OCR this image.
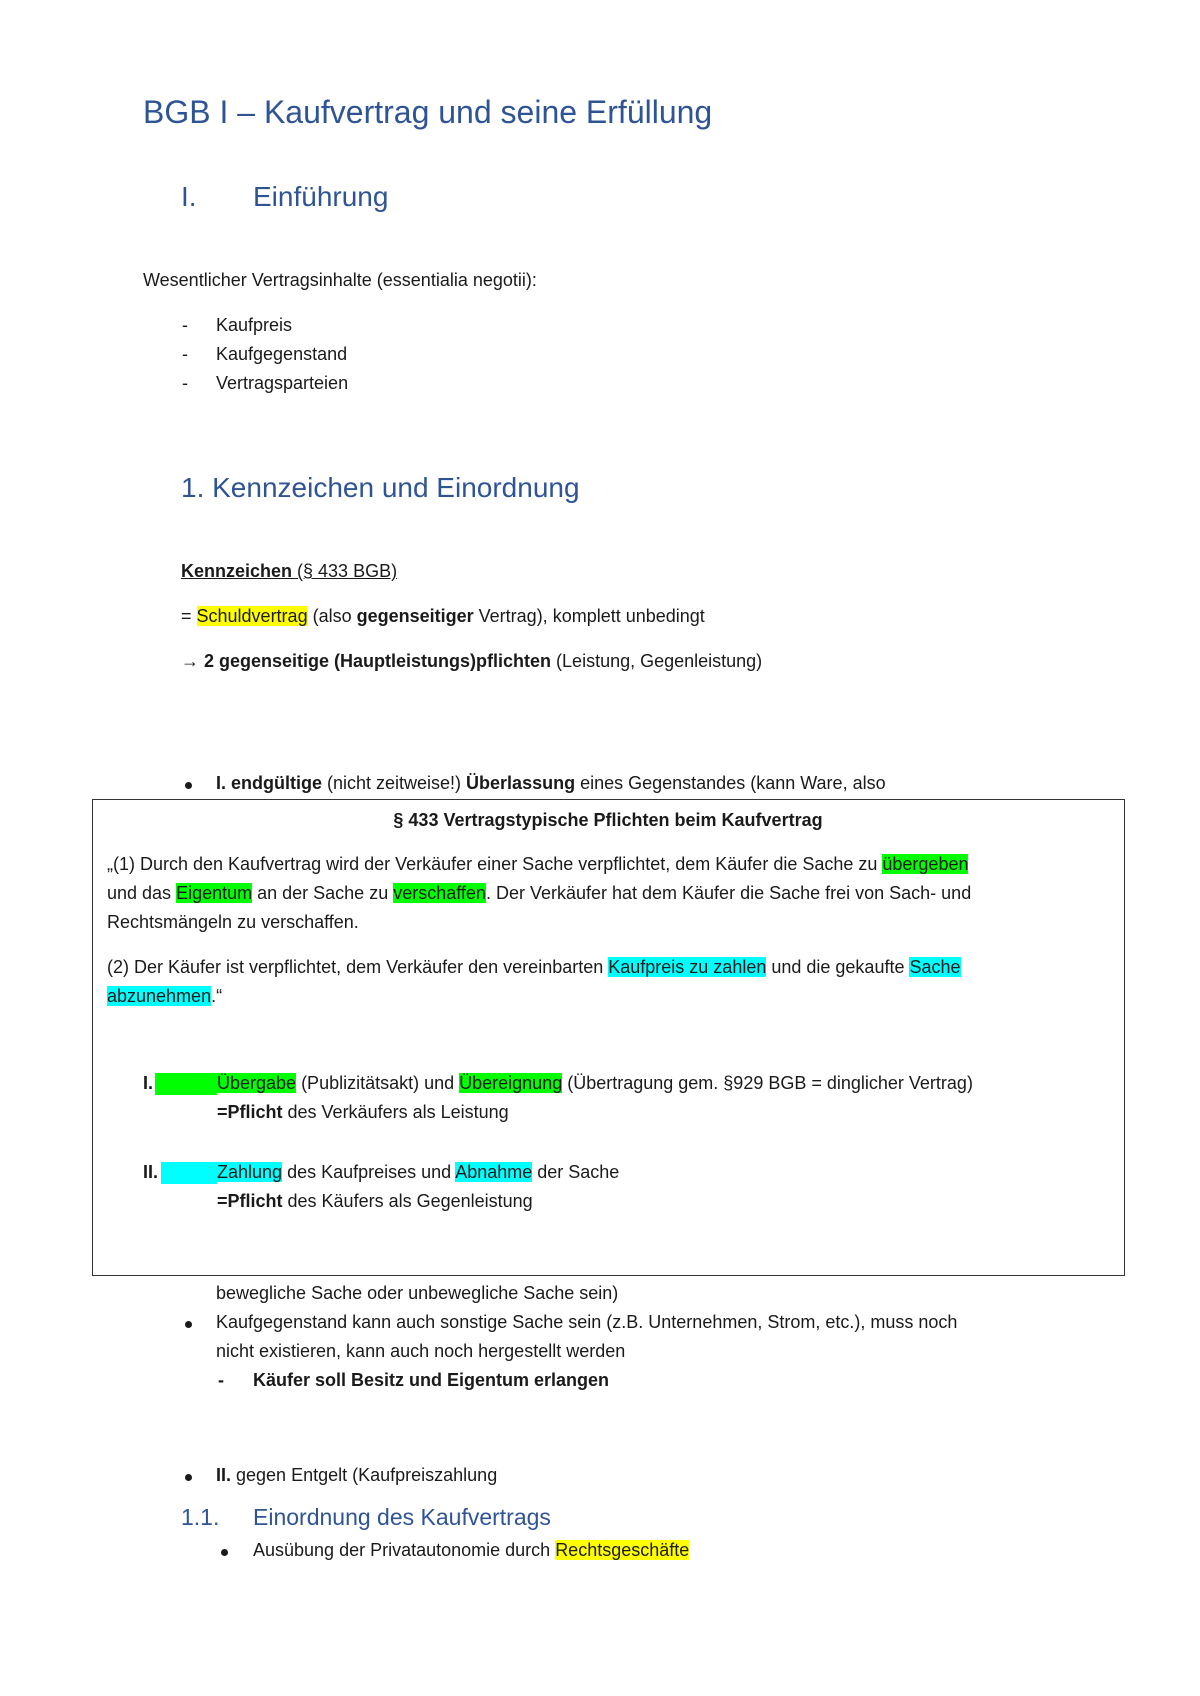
BGB I – Kaufvertrag und seine Erfüllung
I. Einführung
Wesentlicher Vertragsinhalte (essentialia negotii):
- Kaufpreis
- Kaufgegenstand
- Vertragsparteien
1. Kennzeichen und Einordnung
Kennzeichen (§ 433 BGB)
= Schuldvertrag (also gegenseitiger Vertrag), komplett unbedingt
→ 2 gegenseitige (Hauptleistungs)pflichten (Leistung, Gegenleistung)
I. endgültige (nicht zeitweise!) Überlassung eines Gegenstandes (kann Ware, also
§ 433 Vertragstypische Pflichten beim Kaufvertrag
„(1) Durch den Kaufvertrag wird der Verkäufer einer Sache verpflichtet, dem Käufer die Sache zu übergeben
und das Eigentum an der Sache zu verschaffen. Der Verkäufer hat dem Käufer die Sache frei von Sach- und
Rechtsmängeln zu verschaffen.
(2) Der Käufer ist verpflichtet, dem Verkäufer den vereinbarten Kaufpreis zu zahlen und die gekaufte Sache
abzunehmen.“
I.	Übergabe (Publizitätsakt) und Übereignung (Übertragung gem. §929 BGB = dinglicher Vertrag)
=Pflicht des Verkäufers als Leistung
II.	Zahlung des Kaufpreises und Abnahme der Sache
=Pflicht des Käufers als Gegenleistung
bewegliche Sache oder unbewegliche Sache sein)
Kaufgegenstand kann auch sonstige Sache sein (z.B. Unternehmen, Strom, etc.), muss noch
nicht existieren, kann auch noch hergestellt werden
- Käufer soll Besitz und Eigentum erlangen
II. gegen Entgelt (Kaufpreiszahlung
1.1. Einordnung des Kaufvertrags
Ausübung der Privatautonomie durch Rechtsgeschäfte
